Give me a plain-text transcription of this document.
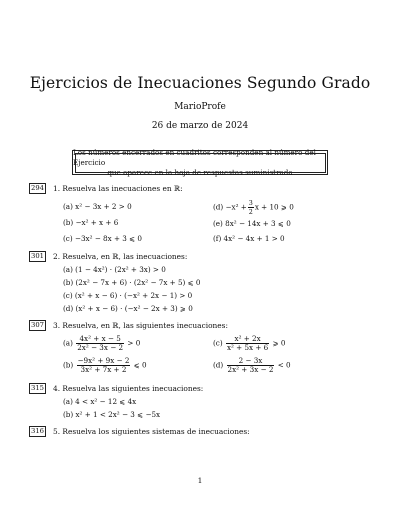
Ejercicios de Inecuaciones Segundo Grado
MarioProfe
26 de marzo de 2024
Los números encerrados en cuadritos corresponden al número del Ejercicio
que aparece en la hoja de respuestas suministrada
294 1. Resuelva las inecuaciones en ℝ:
(a) x² − 3x + 2 > 0
(b) −x² + x + 6
(c) −3x² − 8x + 3 ⩽ 0
$(d) -x^2 + \frac{3}{2}$ x + 10 ⩾ 0
(e) 8x² − 14x + 3 ⩽ 0
(f) 4x² − 4x + 1 > 0
301 2. Resuelva, en ℝ, las inecuaciones:
(a) (1 − 4x²) · (2x² + 3x) > 0
(b) (2x² − 7x + 6) · (2x² − 7x + 5) ⩽ 0
(c) (x² + x − 6) · (−x² + 2x − 1) > 0
(d) (x² + x − 6) · (−x² − 2x + 3) ⩾ 0
307 3. Resuelva, en ℝ, las siguientes inecuaciones:
$(a) \frac{\text{4x² + x − 5}}{\text{2x² − 3x − 2}} > 0$
$(b) \frac{\text{−9x² + 9x − 2}}{\text{3x² + 7x + 2}}$ ⩽ 0
$(c) \frac{\text{x² + 2x}}{\text{x² + 5x + 6}}$ ⩾ 0
$(d) \frac{2 - 3x}{\text{2x² + 3x − 2}} < 0$
315 4. Resuelva las siguientes inecuaciones:
(a) 4 < x² − 12 ⩽ 4x
(b) x² + 1 < 2x² − 3 ⩽ −5x
316 5. Resuelva los siguientes sistemas de inecuaciones:
1
